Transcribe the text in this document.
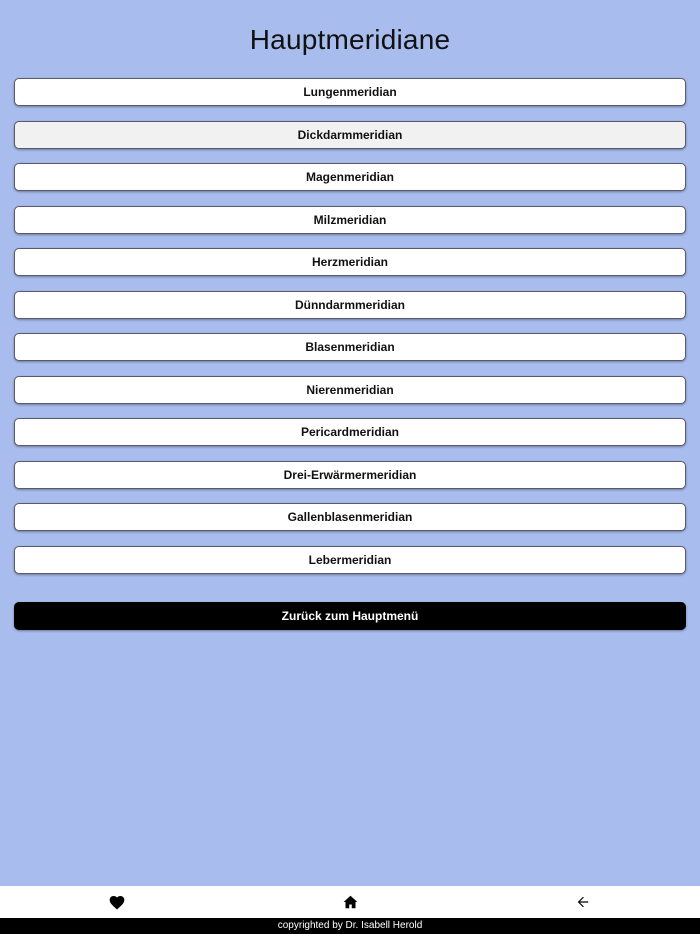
Hauptmeridiane
Lungenmeridian
Dickdarmmeridian
Magenmeridian
Milzmeridian
Herzmeridian
Dünndarmmeridian
Blasenmeridian
Nierenmeridian
Pericardmeridian
Drei-Erwärmermeridian
Gallenblasenmeridian
Lebermeridian
Zurück zum Hauptmenü
copyrighted by Dr. Isabell Herold
